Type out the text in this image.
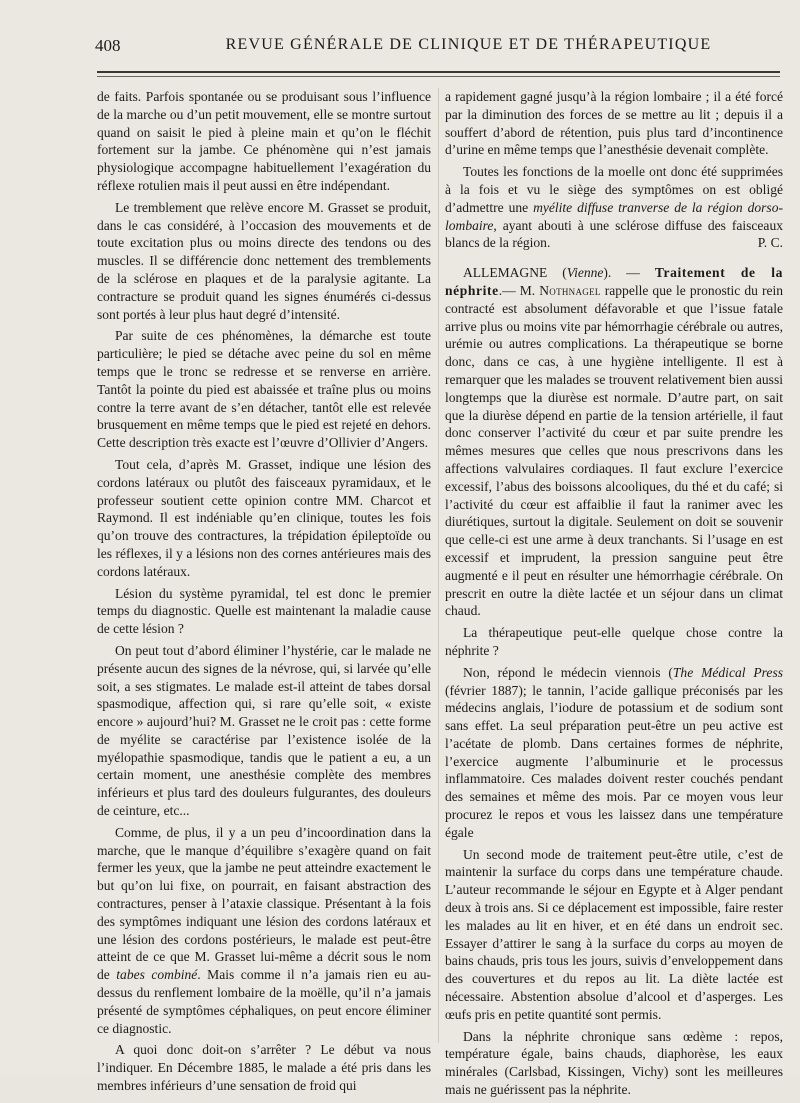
408	REVUE GÉNÉRALE DE CLINIQUE ET DE THÉRAPEUTIQUE

de faits. Parfois spontanée ou se produisant sous l’influence de la marche ou d’un petit mouvement, elle se montre surtout quand on saisit le pied à pleine main et qu’on le fléchit fortement sur la jambe. Ce phénomène qui n’est jamais physiologique accompagne habituellement l’exagération du réflexe rotulien mais il peut aussi en être indépendant.

Le tremblement que relève encore M. Grasset se produit, dans le cas considéré, à l’occasion des mouvements et de toute excitation plus ou moins directe des tendons ou des muscles. Il se différencie donc nettement des tremblements de la sclérose en plaques et de la paralysie agitante. La contracture se produit quand les signes énumérés ci-dessus sont portés à leur plus haut degré d’intensité.

Par suite de ces phénomènes, la démarche est toute particulière; le pied se détache avec peine du sol en même temps que le tronc se redresse et se renverse en arrière. Tantôt la pointe du pied est abaissée et traîne plus ou moins contre la terre avant de s’en détacher, tantôt elle est relevée brusquement en même temps que le pied est rejeté en dehors. Cette description très exacte est l’œuvre d’Ollivier d’Angers.

Tout cela, d’après M. Grasset, indique une lésion des cordons latéraux ou plutôt des faisceaux pyramidaux, et le professeur soutient cette opinion contre MM. Charcot et Raymond. Il est indéniable qu’en clinique, toutes les fois qu’on trouve des contractures, la trépidation épileptoïde ou les réflexes, il y a lésions non des cornes antérieures mais des cordons latéraux.

Lésion du système pyramidal, tel est donc le premier temps du diagnostic. Quelle est maintenant la maladie cause de cette lésion ?

On peut tout d’abord éliminer l’hystérie, car le malade ne présente aucun des signes de la névrose, qui, si larvée qu’elle soit, a ses stigmates. Le malade est-il atteint de tabes dorsal spasmodique, affection qui, si rare qu’elle soit, « existe encore » aujourd’hui? M. Grasset ne le croit pas : cette forme de myélite se caractérise par l’existence isolée de la myélopathie spasmodique, tandis que le patient a eu, a un certain moment, une anesthésie complète des membres inférieurs et plus tard des douleurs fulgurantes, des douleurs de ceinture, etc...

Comme, de plus, il y a un peu d’incoordination dans la marche, que le manque d’équilibre s’exagère quand on fait fermer les yeux, que la jambe ne peut atteindre exactement le but qu’on lui fixe, on pourrait, en faisant abstraction des contractures, penser à l’ataxie classique. Présentant à la fois des symptômes indiquant une lésion des cordons latéraux et une lésion des cordons postérieurs, le malade est peut-être atteint de ce que M. Grasset lui-même a décrit sous le nom de tabes combiné. Mais comme il n’a jamais rien eu au-dessus du renflement lombaire de la moëlle, qu’il n’a jamais présenté de symptômes céphaliques, on peut encore éliminer ce diagnostic.

A quoi donc doit-on s’arrêter ? Le début va nous l’indiquer. En Décembre 1885, le malade a été pris dans les membres inférieurs d’une sensation de froid qui

a rapidement gagné jusqu’à la région lombaire ; il a été forcé par la diminution des forces de se mettre au lit ; depuis il a souffert d’abord de rétention, puis plus tard d’incontinence d’urine en même temps que l’anesthésie devenait complète.

Toutes les fonctions de la moelle ont donc été supprimées à la fois et vu le siège des symptômes on est obligé d’admettre une myélite diffuse tranverse de la région dorso-lombaire, ayant abouti à une sclérose diffuse des faisceaux blancs de la région.	P. C.

ALLEMAGNE (Vienne). — Traitement de la néphrite.— M. Nothnagel rappelle que le pronostic du rein contracté est absolument défavorable et que l’issue fatale arrive plus ou moins vite par hémorrhagie cérébrale ou autres, urémie ou autres complications. La thérapeutique se borne donc, dans ce cas, à une hygiène intelligente. Il est à remarquer que les malades se trouvent relativement bien aussi longtemps que la diurèse est normale. D’autre part, on sait que la diurèse dépend en partie de la tension artérielle, il faut donc conserver l’activité du cœur et par suite prendre les mêmes mesures que celles que nous prescrivons dans les affections valvulaires cordiaques. Il faut exclure l’exercice excessif, l’abus des boissons alcooliques, du thé et du café; si l’activité du cœur est affaiblie il faut la ranimer avec les diurétiques, surtout la digitale. Seulement on doit se souvenir que celle-ci est une arme à deux tranchants. Si l’usage en est excessif et imprudent, la pression sanguine peut être augmenté e il peut en résulter une hémorrhagie cérébrale. On prescrit en outre la diète lactée et un séjour dans un climat chaud.

La thérapeutique peut-elle quelque chose contre la néphrite ?

Non, répond le médecin viennois (The Médical Press (février 1887); le tannin, l’acide gallique préconisés par les médecins anglais, l’iodure de potassium et de sodium sont sans effet. La seul préparation peut-être un peu active est l’acétate de plomb. Dans certaines formes de néphrite, l’exercice augmente l’albuminurie et le processus inflammatoire. Ces malades doivent rester couchés pendant des semaines et même des mois. Par ce moyen vous leur procurez le repos et vous les laissez dans une température égale

Un second mode de traitement peut-être utile, c’est de maintenir la surface du corps dans une température chaude. L’auteur recommande le séjour en Egypte et à Alger pendant deux à trois ans. Si ce déplacement est impossible, faire rester les malades au lit en hiver, et en été dans un endroit sec. Essayer d’attirer le sang à la surface du corps au moyen de bains chauds, pris tous les jours, suivis d’enveloppement dans des couvertures et du repos au lit. La diète lactée est nécessaire. Abstention absolue d’alcool et d’asperges. Les œufs pris en petite quantité sont permis.

Dans la néphrite chronique sans œdème : repos, température égale, bains chauds, diaphorèse, les eaux minérales (Carlsbad, Kissingen, Vichy) sont les meilleures mais ne guérissent pas la néphrite.
